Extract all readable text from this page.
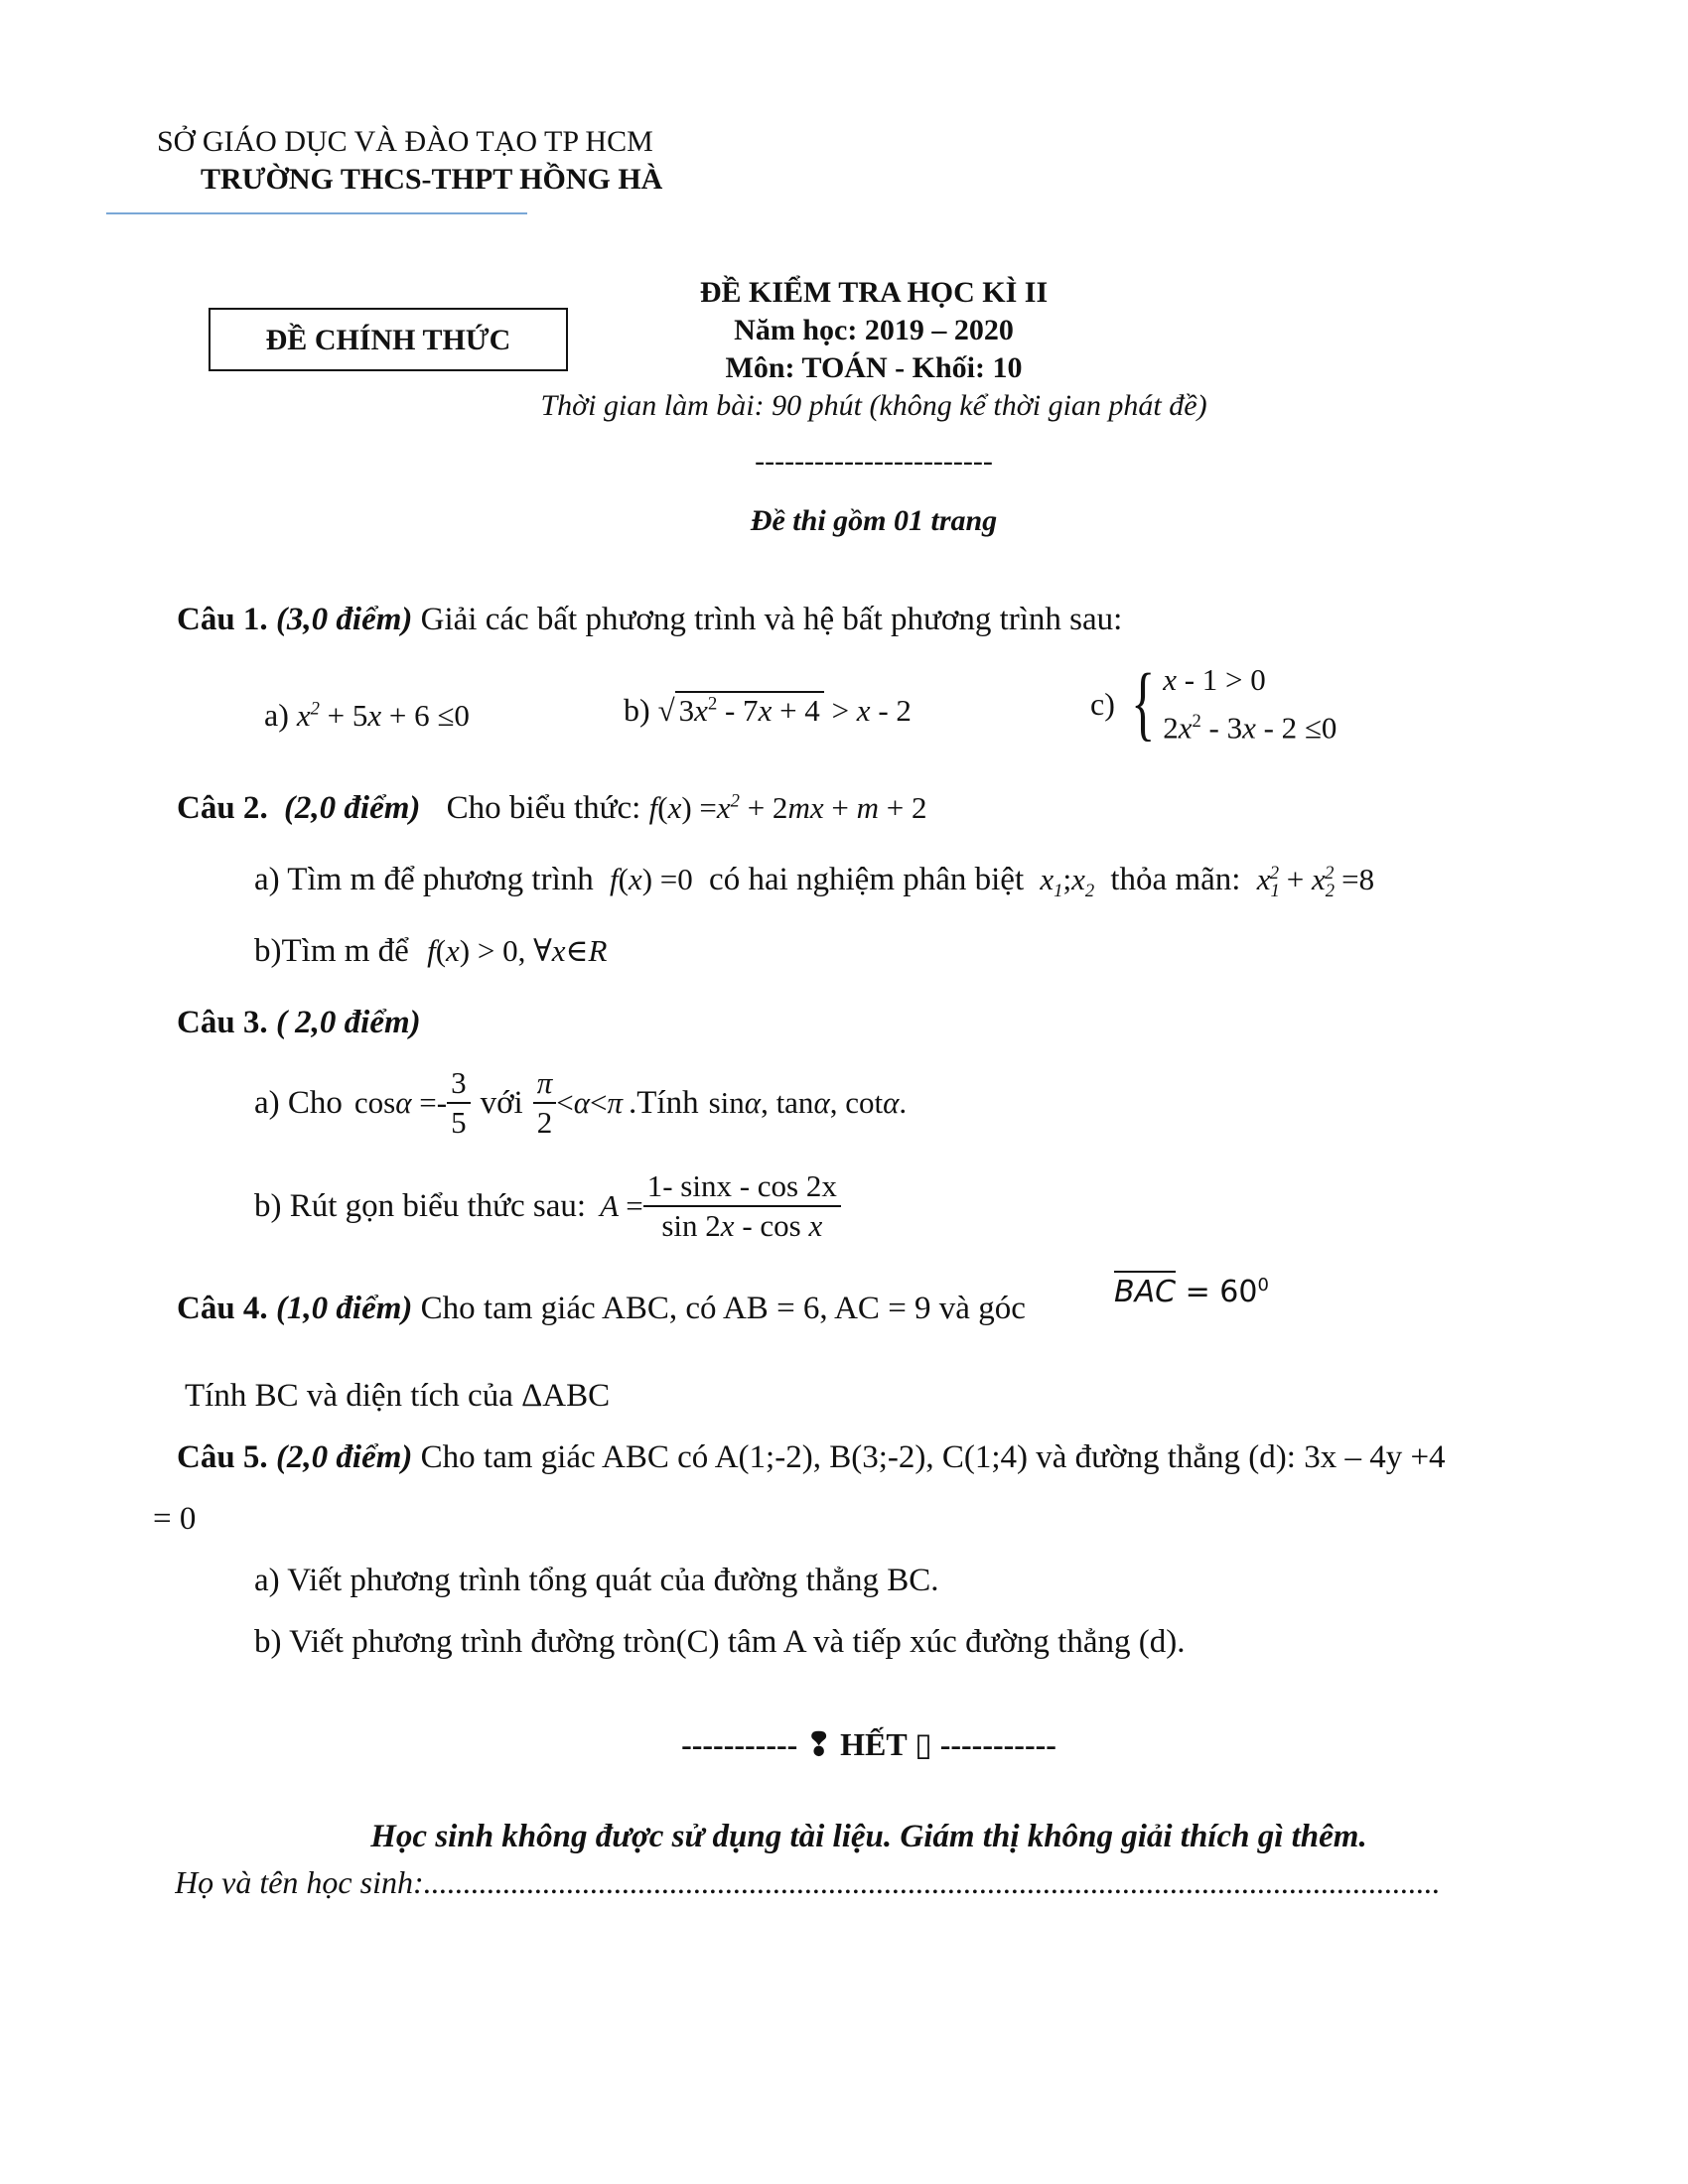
SỞ GIÁO DỤC VÀ ĐÀO TẠO TP HCM
TRƯỜNG THCS-THPT HỒNG HÀ
ĐỀ CHÍNH THỨC
ĐỀ KIỂM TRA HỌC KÌ II
Năm học: 2019 – 2020
Môn: TOÁN - Khối: 10
Thời gian làm bài: 90 phút (không kể thời gian phát đề)
------------------------
Đề thi gồm 01 trang
Câu 1. (3,0 điểm) Giải các bất phương trình và hệ bất phương trình sau:
a) $x^2 + 5x + 6 \le 0$	b) √ $3x^2 - 7x + 4 > x - 2$	c) { x - 1 > 0
$2x^2 - 3x - 2 \le 0$
Câu 2. (2,0 điểm) Cho biểu thức: $f(x) =x^2 + 2mx + m + 2$
a) Tìm m để phương trình f(x) =0 có hai nghiệm phân biệt $x_1;x_2$ thỏa mãn: $x_1^2 + x_2^2 =8$
b)Tìm m để f(x) > 0, ∀x∈R
Câu 3. ( 2,0 điểm)
a) Cho $\cos\alpha =- \frac{3}{5}$ với $\frac{\pi}{2} <\alpha<\pi$ .Tính sinα, tanα, cotα.
b) Rút gọn biểu thức sau: $A = \frac{1- \sin x - \cos 2x}{\text{sin 2x - cos x}}$
Câu 4. (1,0 điểm) Cho tam giác ABC, có AB = 6, AC = 9 và góc	BAC = $60^0$
Tính BC và diện tích của ΔABC
Câu 5. (2,0 điểm) Cho tam giác ABC có A(1;-2), B(3;-2), C(1;4) và đường thẳng (d): 3x – 4y +4
= 0
a) Viết phương trình tổng quát của đường thẳng BC.
b) Viết phương trình đường tròn(C) tâm A và tiếp xúc đường thẳng (d).
----------- ❢ HẾT ▯ -----------
Học sinh không được sử dụng tài liệu. Giám thị không giải thích gì thêm.
Họ và tên học sinh:................................................................................................................................
